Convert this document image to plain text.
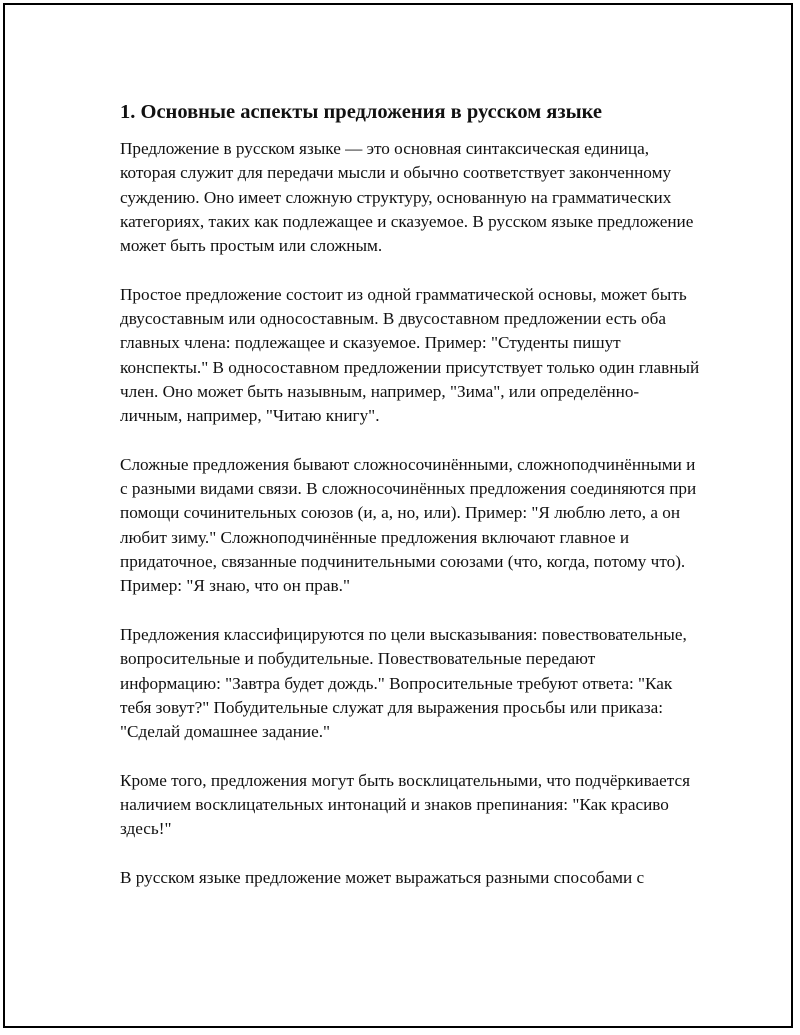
1. Основные аспекты предложения в русском языке

Предложение в русском языке — это основная синтаксическая единица, которая служит для передачи мысли и обычно соответствует законченному суждению. Оно имеет сложную структуру, основанную на грамматических категориях, таких как подлежащее и сказуемое. В русском языке предложение может быть простым или сложным.

Простое предложение состоит из одной грамматической основы, может быть двусоставным или односоставным. В двусоставном предложении есть оба главных члена: подлежащее и сказуемое. Пример: "Студенты пишут конспекты." В односоставном предложении присутствует только один главный член. Оно может быть назывным, например, "Зима", или определённо-личным, например, "Читаю книгу".

Сложные предложения бывают сложносочинёнными, сложноподчинёнными и с разными видами связи. В сложносочинённых предложения соединяются при помощи сочинительных союзов (и, а, но, или). Пример: "Я люблю лето, а он любит зиму." Сложноподчинённые предложения включают главное и придаточное, связанные подчинительными союзами (что, когда, потому что). Пример: "Я знаю, что он прав."

Предложения классифицируются по цели высказывания: повествовательные, вопросительные и побудительные. Повествовательные передают информацию: "Завтра будет дождь." Вопросительные требуют ответа: "Как тебя зовут?" Побудительные служат для выражения просьбы или приказа: "Сделай домашнее задание."

Кроме того, предложения могут быть восклицательными, что подчёркивается наличием восклицательных интонаций и знаков препинания: "Как красиво здесь!"

В русском языке предложение может выражаться разными способами с
